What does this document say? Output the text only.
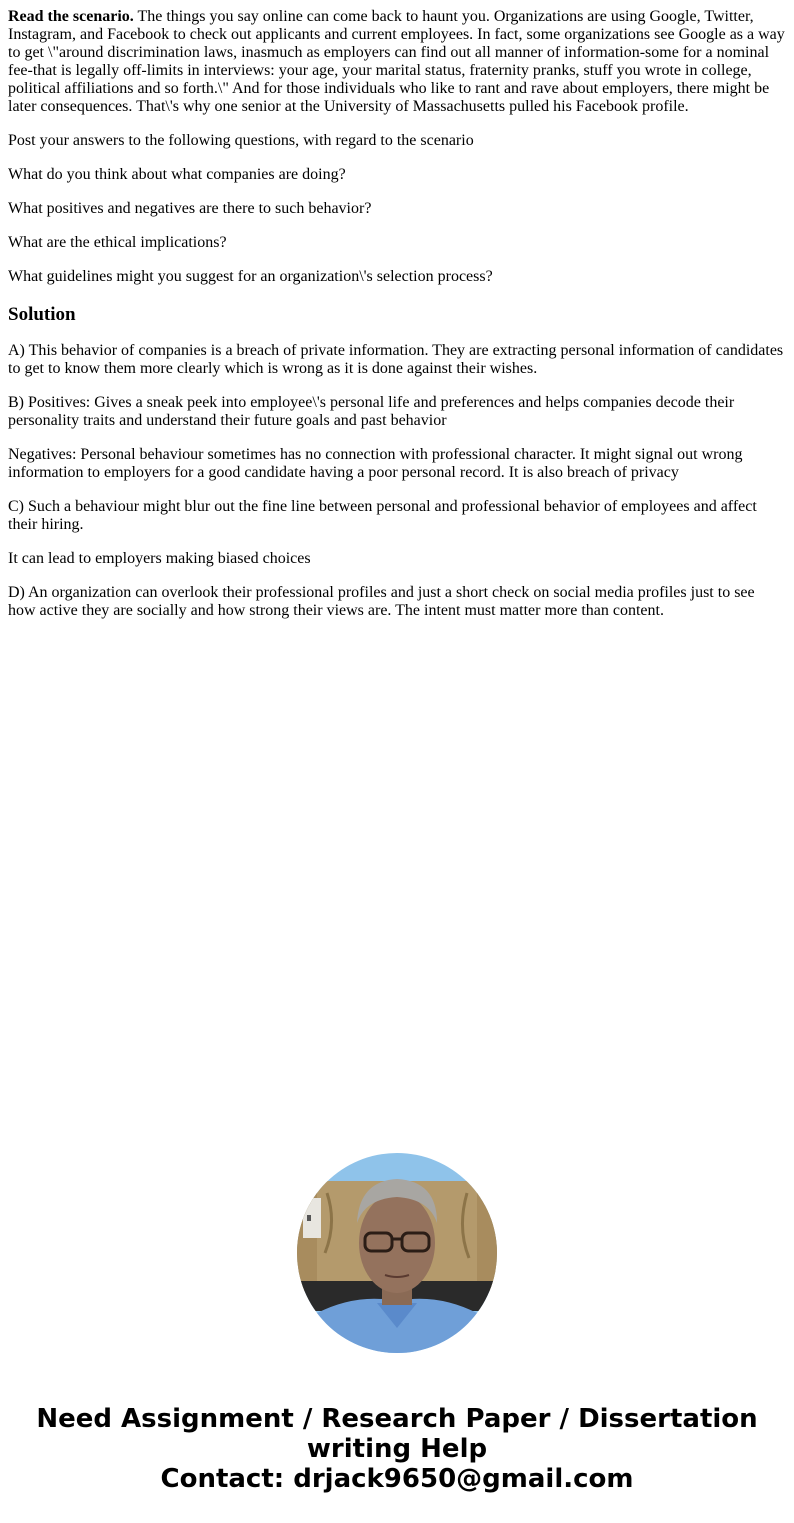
Read the scenario. The things you say online can come back to haunt you. Organizations are using Google, Twitter, Instagram, and Facebook to check out applicants and current employees. In fact, some organizations see Google as a way to get \"around discrimination laws, inasmuch as employers can find out all manner of information-some for a nominal fee-that is legally off-limits in interviews: your age, your marital status, fraternity pranks, stuff you wrote in college, political affiliations and so forth.\" And for those individuals who like to rant and rave about employers, there might be later consequences. That\'s why one senior at the University of Massachusetts pulled his Facebook profile.

Post your answers to the following questions, with regard to the scenario

What do you think about what companies are doing?

What positives and negatives are there to such behavior?

What are the ethical implications?

What guidelines might you suggest for an organization\'s selection process?

Solution

A) This behavior of companies is a breach of private information. They are extracting personal information of candidates to get to know them more clearly which is wrong as it is done against their wishes.

B) Positives: Gives a sneak peek into employee\'s personal life and preferences and helps companies decode their personality traits and understand their future goals and past behavior

Negatives: Personal behaviour sometimes has no connection with professional character. It might signal out wrong information to employers for a good candidate having a poor personal record. It is also breach of privacy

C) Such a behaviour might blur out the fine line between personal and professional behavior of employees and affect their hiring.

It can lead to employers making biased choices

D) An organization can overlook their professional profiles and just a short check on social media profiles just to see how active they are socially and how strong their views are. The intent must matter more than content.

Need Assignment / Research Paper / Dissertation
writing Help
Contact: drjack9650@gmail.com
